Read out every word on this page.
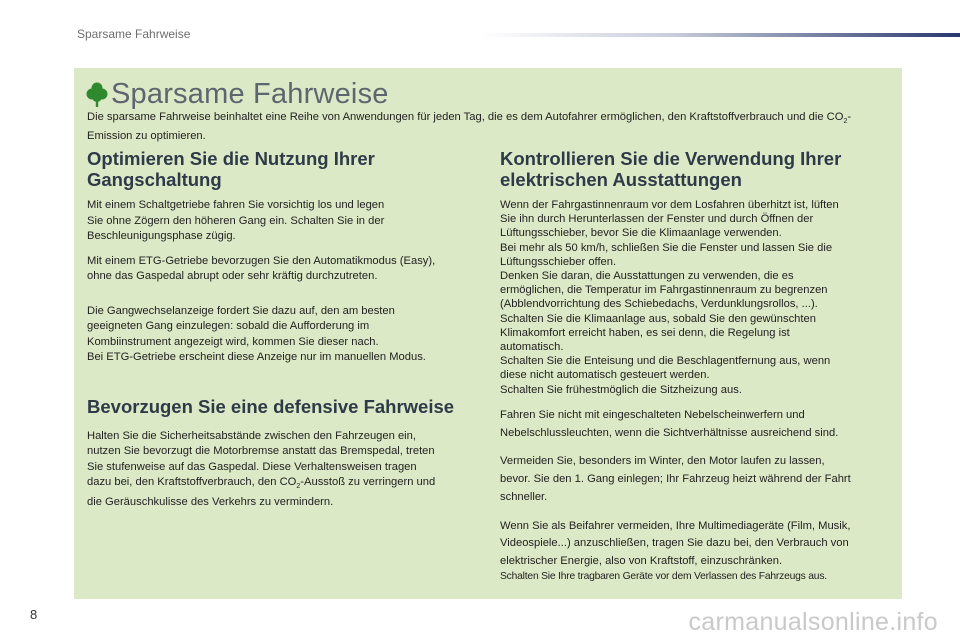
Sparsame Fahrweise
Sparsame Fahrweise
Die sparsame Fahrweise beinhaltet eine Reihe von Anwendungen für jeden Tag, die es dem Autofahrer ermöglichen, den Kraftstoffverbrauch und die $CO_2$-Emission zu optimieren.
Optimieren Sie die Nutzung Ihrer
Gangschaltung
Mit einem Schaltgetriebe fahren Sie vorsichtig los und legen
Sie ohne Zögern den höheren Gang ein. Schalten Sie in der
Beschleunigungsphase zügig.
Mit einem ETG-Getriebe bevorzugen Sie den Automatikmodus (Easy),
ohne das Gaspedal abrupt oder sehr kräftig durchzutreten.
Die Gangwechselanzeige fordert Sie dazu auf, den am besten
geeigneten Gang einzulegen: sobald die Aufforderung im
Kombiinstrument angezeigt wird, kommen Sie dieser nach.
Bei ETG-Getriebe erscheint diese Anzeige nur im manuellen Modus.
Bevorzugen Sie eine defensive Fahrweise
Halten Sie die Sicherheitsabstände zwischen den Fahrzeugen ein,
nutzen Sie bevorzugt die Motorbremse anstatt das Bremspedal, treten
Sie stufenweise auf das Gaspedal. Diese Verhaltensweisen tragen
dazu bei, den Kraftstoffverbrauch, den $CO_2$-Ausstoß zu verringern und
die Geräuschkulisse des Verkehrs zu vermindern.
Kontrollieren Sie die Verwendung Ihrer
elektrischen Ausstattungen
Wenn der Fahrgastinnenraum vor dem Losfahren überhitzt ist, lüften
Sie ihn durch Herunterlassen der Fenster und durch Öffnen der
Lüftungsschieber, bevor Sie die Klimaanlage verwenden.
Bei mehr als 50 km/h, schließen Sie die Fenster und lassen Sie die
Lüftungsschieber offen.
Denken Sie daran, die Ausstattungen zu verwenden, die es
ermöglichen, die Temperatur im Fahrgastinnenraum zu begrenzen
(Abblendvorrichtung des Schiebedachs, Verdunklungsrollos, ...).
Schalten Sie die Klimaanlage aus, sobald Sie den gewünschten
Klimakomfort erreicht haben, es sei denn, die Regelung ist
automatisch.
Schalten Sie die Enteisung und die Beschlagentfernung aus, wenn
diese nicht automatisch gesteuert werden.
Schalten Sie frühestmöglich die Sitzheizung aus.
Fahren Sie nicht mit eingeschalteten Nebelscheinwerfern und
Nebelschlussleuchten, wenn die Sichtverhältnisse ausreichend sind.
Vermeiden Sie, besonders im Winter, den Motor laufen zu lassen,
bevor. Sie den 1. Gang einlegen; Ihr Fahrzeug heizt während der Fahrt
schneller.
Wenn Sie als Beifahrer vermeiden, Ihre Multimediageräte (Film, Musik,
Videospiele...) anzuschließen, tragen Sie dazu bei, den Verbrauch von
elektrischer Energie, also von Kraftstoff, einzuschränken.
Schalten Sie Ihre tragbaren Geräte vor dem Verlassen des Fahrzeugs aus.
8	carmanualsonline.info
